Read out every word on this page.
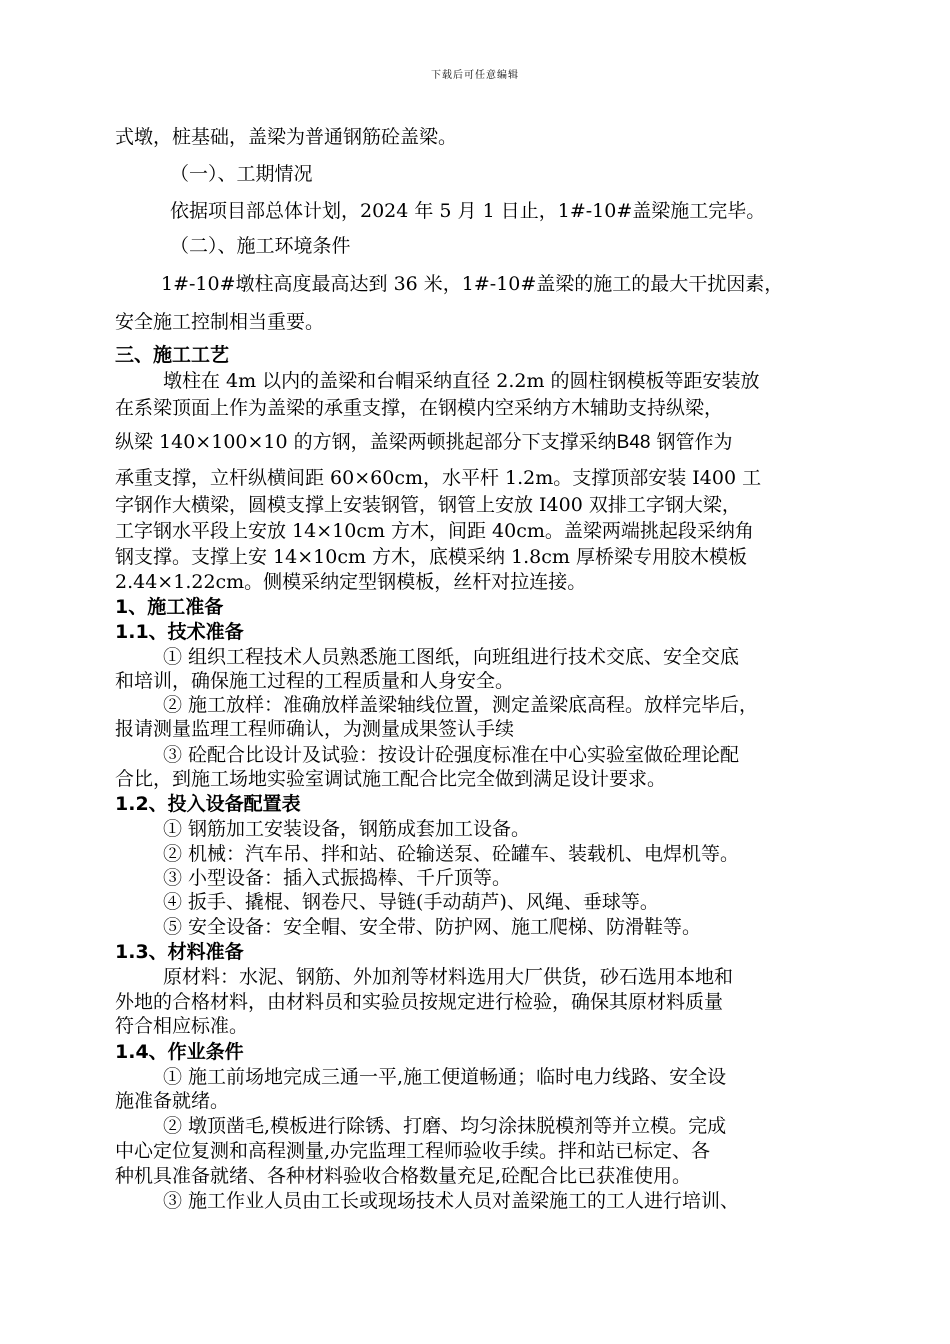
下载后可任意编辑
式墩，桩基础，盖梁为普通钢筋砼盖梁。
（一）、工期情况
依据项目部总体计划，2024 年 5 月 1 日止，1#-10#盖梁施工完毕。
（二）、施工环境条件
1#-10#墩柱高度最高达到 36 米，1#-10#盖梁的施工的最大干扰因素，
安全施工控制相当重要。
三、施工工艺
墩柱在 4m 以内的盖梁和台帽采纳直径 2.2m 的圆柱钢模板等距安装放
在系梁顶面上作为盖梁的承重支撑，在钢模内空采纳方木辅助支持纵梁，
纵梁 140×100×10 的方钢，盖梁两顿挑起部分下支撑采纳B48 钢管作为
承重支撑，立杆纵横间距 60×60cm，水平杆 1.2m。支撑顶部安装 I400 工
字钢作大横梁，圆模支撑上安装钢管，钢管上安放 I400 双排工字钢大梁，
工字钢水平段上安放 14×10cm 方木，间距 40cm。盖梁两端挑起段采纳角
钢支撑。支撑上安 14×10cm 方木，底模采纳 1.8cm 厚桥梁专用胶木模板
2.44×1.22cm。侧模采纳定型钢模板，丝杆对拉连接。
1、施工准备
1.1、技术准备
① 组织工程技术人员熟悉施工图纸，向班组进行技术交底、安全交底
和培训，确保施工过程的工程质量和人身安全。
② 施工放样：准确放样盖梁轴线位置，测定盖梁底高程。放样完毕后，
报请测量监理工程师确认，为测量成果签认手续
③ 砼配合比设计及试验：按设计砼强度标准在中心实验室做砼理论配
合比，到施工场地实验室调试施工配合比完全做到满足设计要求。
1.2、投入设备配置表
① 钢筋加工安装设备，钢筋成套加工设备。
② 机械：汽车吊、拌和站、砼输送泵、砼罐车、装载机、电焊机等。
③ 小型设备：插入式振捣棒、千斤顶等。
④ 扳手、撬棍、钢卷尺、导链(手动葫芦)、风绳、垂球等。
⑤ 安全设备：安全帽、安全带、防护网、施工爬梯、防滑鞋等。
1.3、材料准备
原材料：水泥、钢筋、外加剂等材料选用大厂供货，砂石选用本地和
外地的合格材料，由材料员和实验员按规定进行检验，确保其原材料质量
符合相应标准。
1.4、作业条件
① 施工前场地完成三通一平,施工便道畅通；临时电力线路、安全设
施准备就绪。
② 墩顶凿毛,模板进行除锈、打磨、均匀涂抹脱模剂等并立模。完成
中心定位复测和高程测量,办完监理工程师验收手续。拌和站已标定、各
种机具准备就绪、各种材料验收合格数量充足,砼配合比已获准使用。
③ 施工作业人员由工长或现场技术人员对盖梁施工的工人进行培训、
